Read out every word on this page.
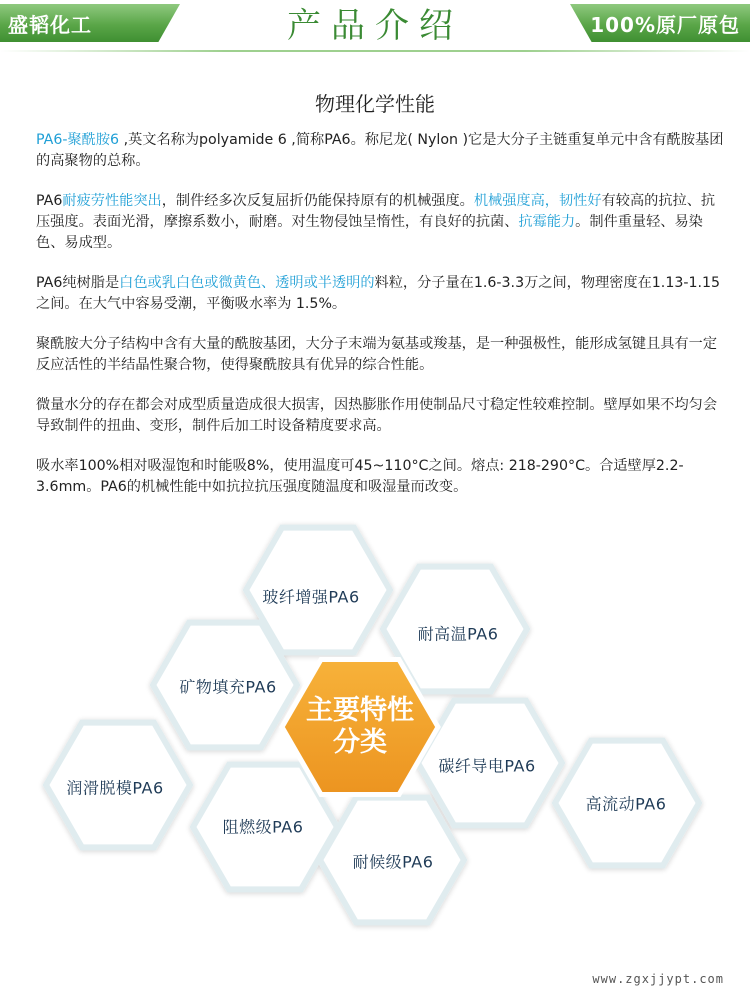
盛韬化工	产品介绍	100%原厂原包
物理化学性能

PA6-聚酰胺6 ,英文名称为polyamide 6 ,简称PA6。称尼龙( Nylon )它是大分子主链重复单元中含有酰胺基团的高聚物的总称。

PA6耐疲劳性能突出，制件经多次反复屈折仍能保持原有的机械强度。机械强度高，韧性好有较高的抗拉、抗压强度。表面光滑，摩擦系数小，耐磨。对生物侵蚀呈惰性，有良好的抗菌、抗霉能力。制件重量轻、易染色、易成型。

PA6纯树脂是白色或乳白色或微黄色、透明或半透明的料粒，分子量在1.6-3.3万之间，物理密度在1.13-1.15之间。在大气中容易受潮，平衡吸水率为 1.5%。

聚酰胺大分子结构中含有大量的酰胺基团，大分子末端为氨基或羧基，是一种强极性，能形成氢键且具有一定反应活性的半结晶性聚合物，使得聚酰胺具有优异的综合性能。

微量水分的存在都会对成型质量造成很大损害，因热膨胀作用使制品尺寸稳定性较难控制。壁厚如果不均匀会导致制件的扭曲、变形，制件后加工时设备精度要求高。

吸水率100%相对吸湿饱和时能吸8%，使用温度可45~110°C之间。熔点: 218-290°C。合适壁厚2.2-3.6mm。PA6的机械性能中如抗拉抗压强度随温度和吸湿量而改变。

玻纤增强PA6
耐高温PA6
矿物填充PA6
润滑脱模PA6
碳纤导电PA6
阻燃级PA6
高流动PA6
耐候级PA6
主要特性分类
www.zgxjjypt.com
